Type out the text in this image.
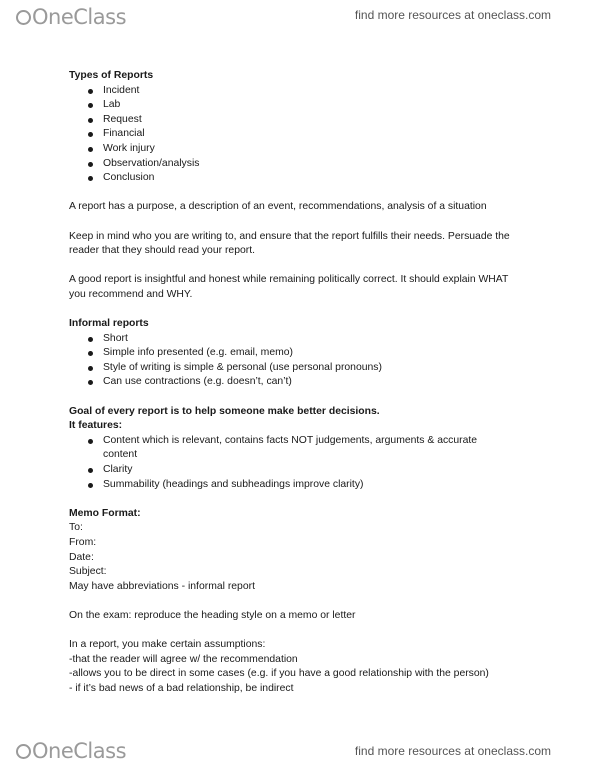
OneClass	find more resources at oneclass.com
Types of Reports
Incident
Lab
Request
Financial
Work injury
Observation/analysis
Conclusion

A report has a purpose, a description of an event, recommendations, analysis of a situation

Keep in mind who you are writing to, and ensure that the report fulfills their needs. Persuade the

reader that they should read your report.

A good report is insightful and honest while remaining politically correct. It should explain WHAT

you recommend and WHY.

Informal reports
Short
Simple info presented (e.g. email, memo)
Style of writing is simple & personal (use personal pronouns)
Can use contractions (e.g. doesn’t, can’t)
Goal of every report is to help someone make better decisions.
It features:
Content which is relevant, contains facts NOT judgements, arguments & accurate content
Clarity
Summability (headings and subheadings improve clarity)
Memo Format:

To:

From:

Date:

Subject:

May have abbreviations - informal report

On the exam: reproduce the heading style on a memo or letter

In a report, you make certain assumptions:

-that the reader will agree w/ the recommendation

-allows you to be direct in some cases (e.g. if you have a good relationship with the person)

- if it’s bad news of a bad relationship, be indirect

OneClass	find more resources at oneclass.com
